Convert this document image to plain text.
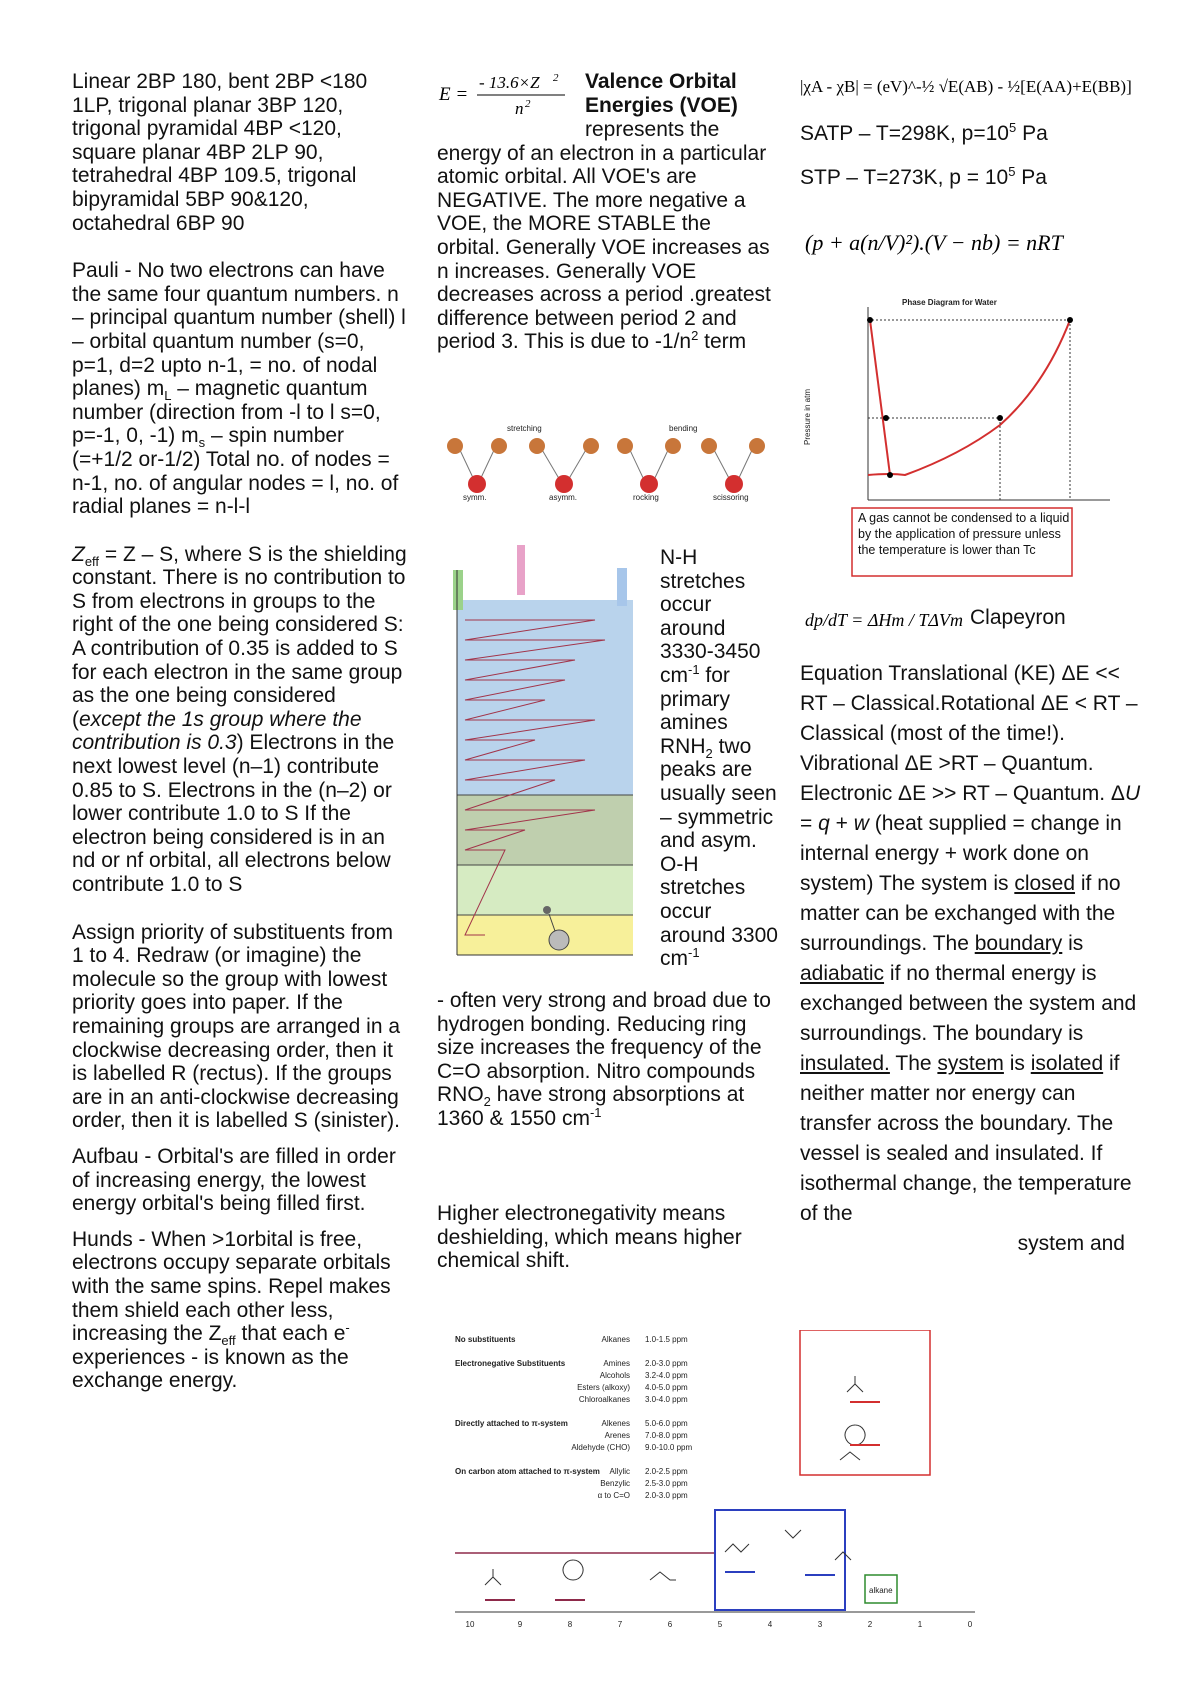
Linear 2BP 180, bent 2BP <180 1LP, trigonal planar 3BP 120, trigonal pyramidal 4BP <120, square planar 4BP 2LP 90, tetrahedral 4BP 109.5, trigonal bipyramidal 5BP 90&120, octahedral 6BP 90

Pauli - No two electrons can have the same four quantum numbers. n – principal quantum number (shell) l – orbital quantum number (s=0, p=1, d=2 upto n-1, = no. of nodal planes) $m_L$ – magnetic quantum number (direction from -l to l s=0, p=-1, 0, -1) $m_s$ – spin number (=+1/2 or-1/2) Total no. of nodes = n-1, no. of angular nodes = l, no. of radial planes = n-l-l

$Z_{eff} = Z - S$, where S is the shielding constant. There is no contribution to S from electrons in groups to the right of the one being considered S: A contribution of 0.35 is added to S for each electron in the same group as the one being considered (except the 1s group where the contribution is 0.3) Electrons in the next lowest level (n–1) contribute 0.85 to S. Electrons in the (n–2) or lower contribute 1.0 to S If the electron being considered is in an nd or nf orbital, all electrons below contribute 1.0 to S

Assign priority of substituents from 1 to 4. Redraw (or imagine) the molecule so the group with lowest priority goes into paper. If the remaining groups are arranged in a clockwise decreasing order, then it is labelled R (rectus). If the groups are in an anti-clockwise decreasing order, then it is labelled S (sinister).

Aufbau - Orbital's are filled in order of increasing energy, the lowest energy orbital's being filled first.

Hunds - When >1orbital is free, electrons occupy separate orbitals with the same spins. Repel makes them shield each other less, increasing the $Z_{eff}$ that each e- experiences - is known as the exchange energy.

E =
- 13.6×Z 2
n 2
Valence Orbital Energies (VOE)
represents the energy of an electron in a particular atomic orbital. All VOE's are NEGATIVE. The more negative a VOE, the MORE STABLE the orbital. Generally VOE increases as n increases. Generally VOE decreases across a period .greatest difference between period 2 and period 3. This is due to $-1/n^2$ term
stretching	bending
symm.	asymm.	rocking	scissoring
N-H stretches occur around 3330-3450 $cm^{-1}$ for primary amines $RNH_2$ two peaks are usually seen – symmetric and asym. O-H stretches occur around 3300 $cm^{-1}$
- often very strong and broad due to hydrogen bonding. Reducing ring size increases the frequency of the C=O absorption. Nitro compounds $RNO_2$ have strong absorptions at 1360 & 1550 $cm^{-1}$
Higher electronegativity means deshielding, which means higher chemical shift.
No substituents	Alkanes 1.0-1.5 ppm
Electronegative Substituents	Amines 2.0-3.0 ppm
Alcohols 3.2-4.0 ppm
Esters (alkoxy) 4.0-5.0 ppm
Chloroalkanes 3.0-4.0 ppm
Directly attached to π-system	Alkenes 5.0-6.0 ppm
Arenes 7.0-8.0 ppm
Aldehyde (CHO) 9.0-10.0 ppm
On carbon atom attached to π-system Allylic 2.0-2.5 ppm
Benzylic 2.5-3.0 ppm
α to C=O 2.0-3.0 ppm
alkane
10	9	8	7	6	5	4	3	2	1	0
|χA - χB| = (eV)^-½ √E(AB) - ½[E(AA)+E(BB)]
SATP – T=298K, $p=10^5$ Pa
STP – T=273K, $p = 10^5$ Pa
(p + a(n/V)²).(V − nb) = nRT
Phase Diagram for Water
Pressure in atm
A gas cannot be condensed to a liquid by the application of pressure unless the temperature is lower than Tc
dp/dT = ΔHm / TΔVm Clapeyron
Equation Translational (KE) ΔE << RT – Classical.Rotational ΔE < RT – Classical (most of the time!). Vibrational ΔE >RT – Quantum. Electronic ΔE >> RT – Quantum. ΔU = q + w (heat supplied = change in internal energy + work done on system) The system is closed if no matter can be exchanged with the surroundings. The boundary is adiabatic if no thermal energy is exchanged between the system and surroundings. The boundary is insulated. The system is isolated if neither matter nor energy can transfer across the boundary. The vessel is sealed and insulated. If isothermal change, the temperature of the
system and
